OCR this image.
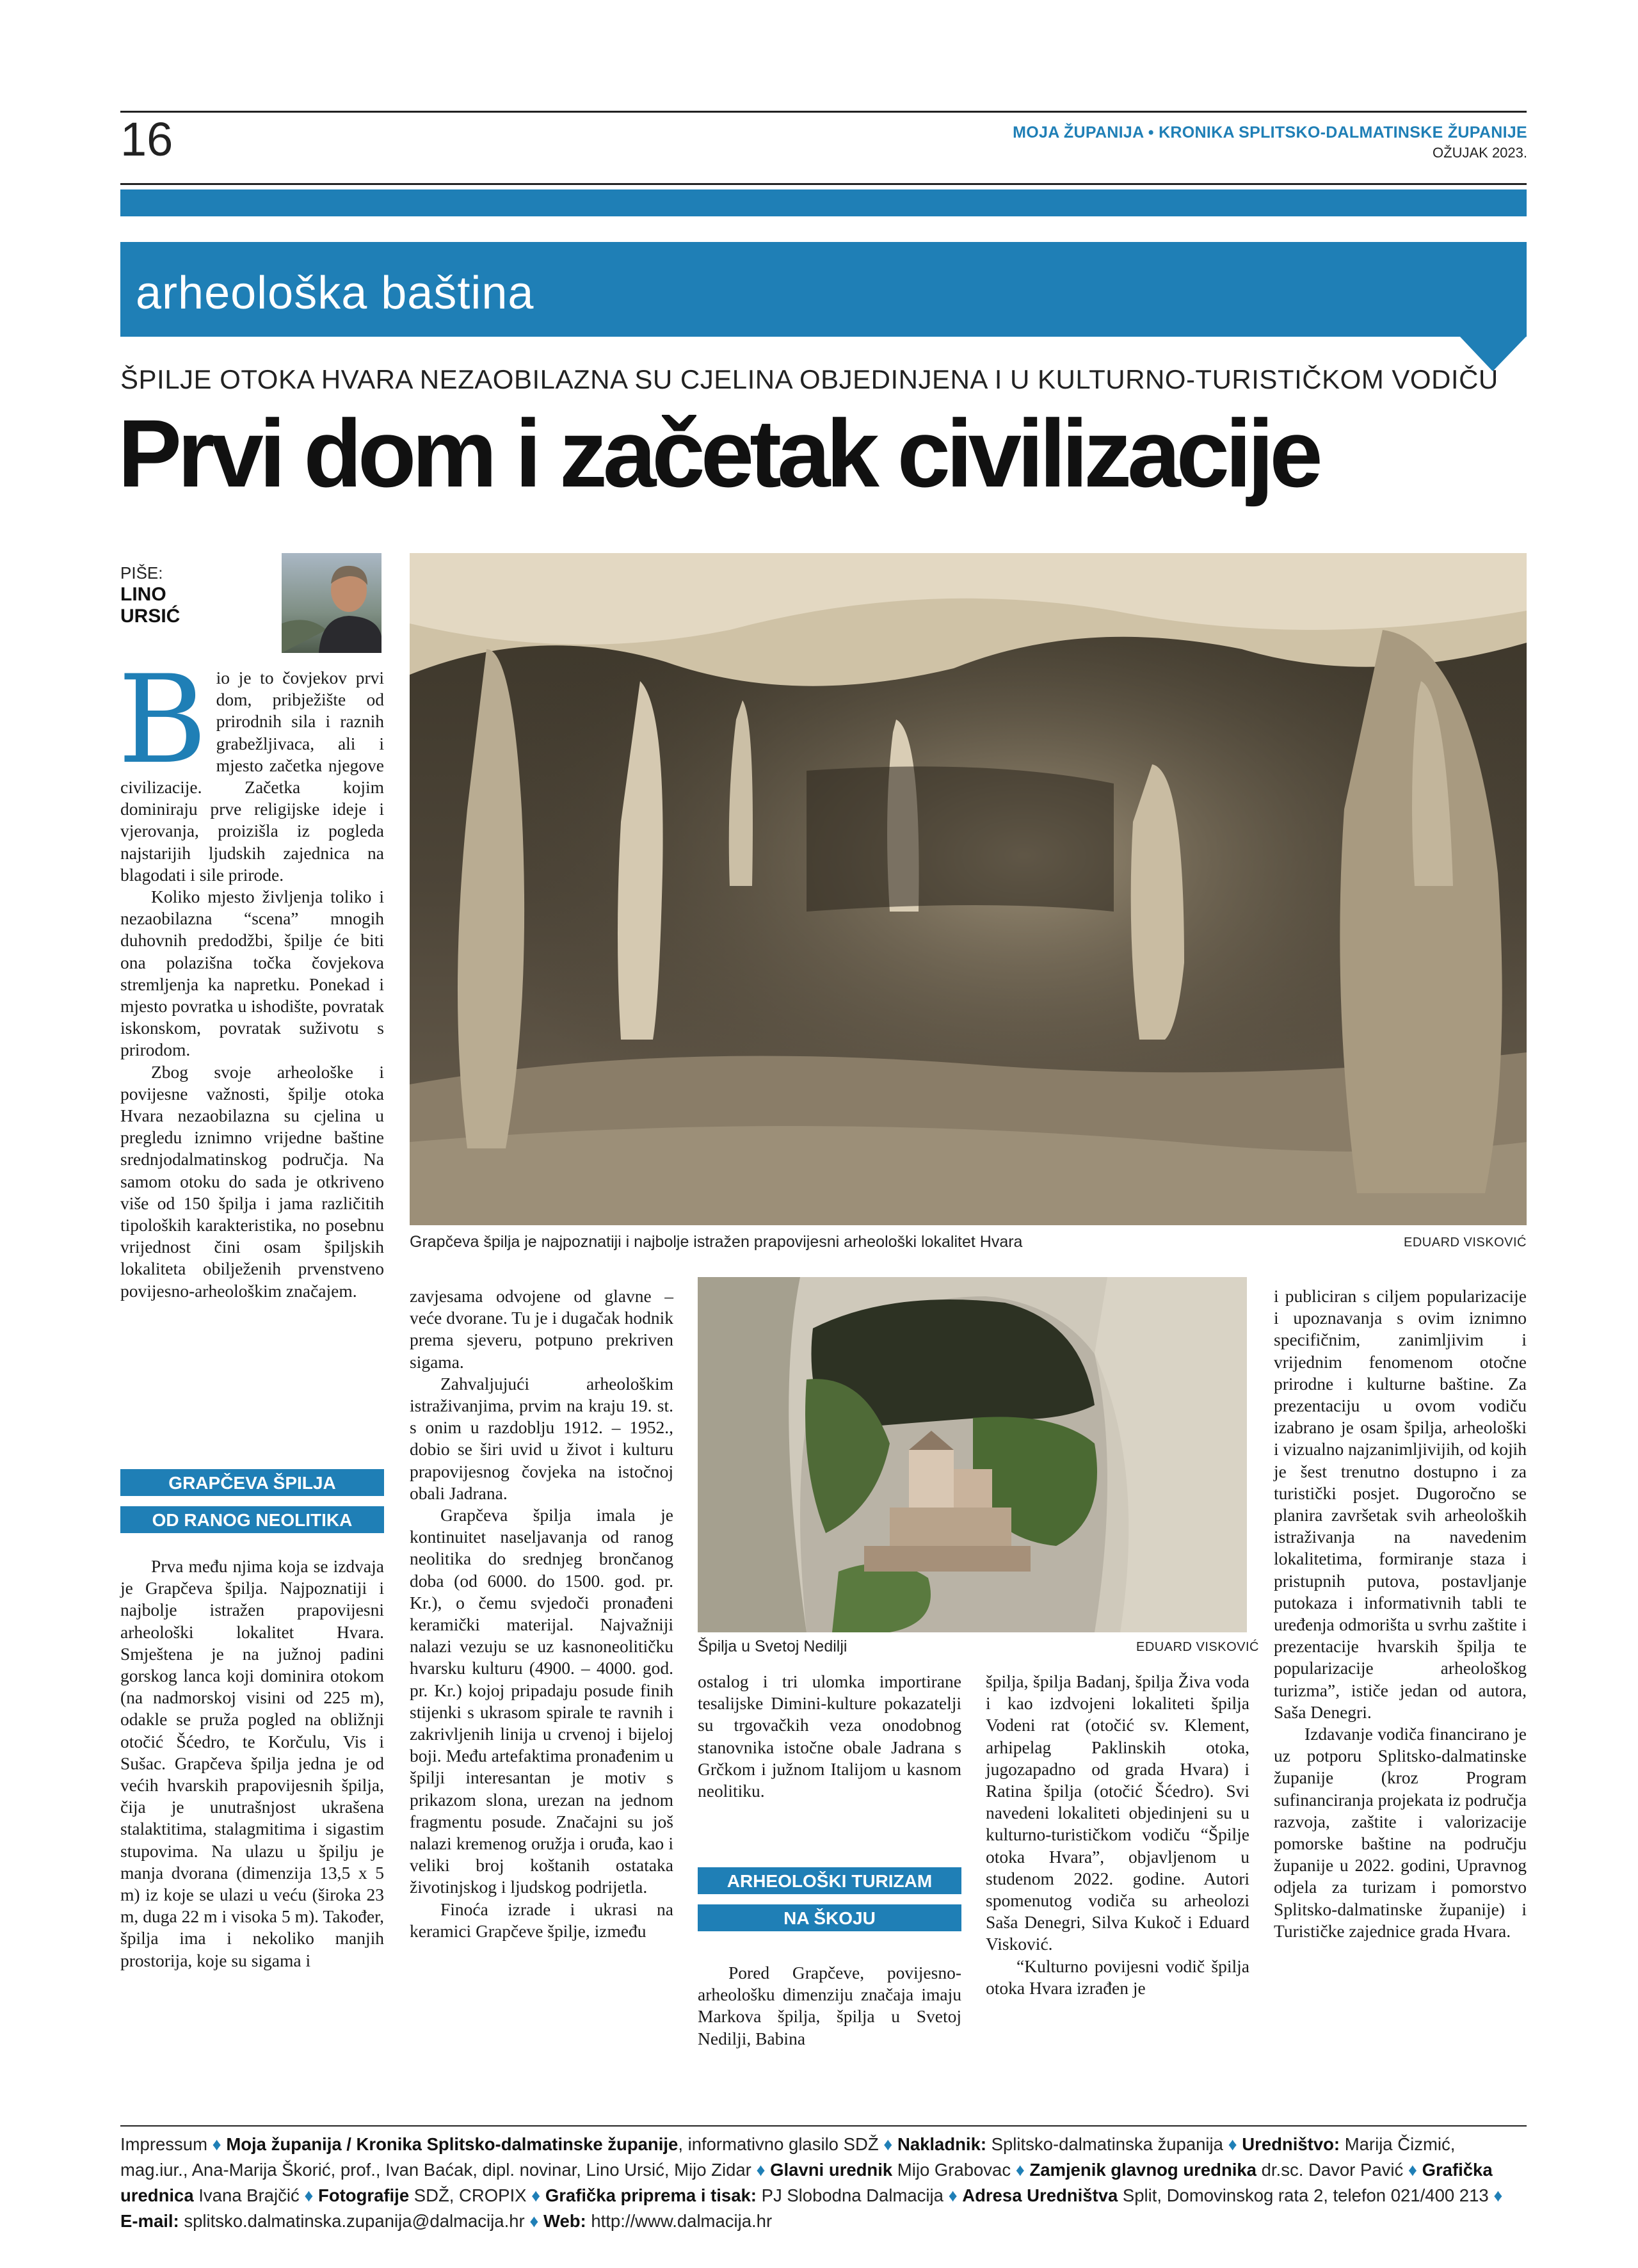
16	MOJA ŽUPANIJA • KRONIKA SPLITSKO-DALMATINSKE ŽUPANIJE
OŽUJAK 2023.
arheološka baština
ŠPILJE OTOKA HVARA NEZAOBILAZNA SU CJELINA OBJEDINJENA I U KULTURNO-TURISTIČKOM VODIČU
Prvi dom i začetak civilizacije
PIŠE:
LINO
URSIĆ
Grapčeva špilja je najpoznatiji i najbolje istražen prapovijesni arheološki lokalitet Hvara	EDUARD VISKOVIĆ
B io je to čovjekov prvi dom, pribježište od prirodnih sila i raznih grabežljivaca, ali i mjesto začetka njegove civilizacije. Začetka kojim dominiraju prve religijske ideje i vjerovanja, proizišla iz pogleda najstarijih ljudskih zajednica na blagodati i sile prirode.

Koliko mjesto življenja toliko i nezaobilazna “scena” mnogih duhovnih predodžbi, špilje će biti ona polazišna točka čovjekova stremljenja ka napretku. Ponekad i mjesto povratka u ishodište, povratak iskonskom, povratak suživotu s prirodom.

Zbog svoje arheološke i povijesne važnosti, špilje otoka Hvara nezaobilazna su cjelina u pregledu iznimno vrijedne baštine srednjodalmatinskog područja. Na samom otoku do sada je otkriveno više od 150 špilja i jama različitih tipoloških karakteristika, no posebnu vrijednost čini osam špiljskih lokaliteta obilježenih prvenstveno povijesno-arheološkim značajem.

GRAPČEVA ŠPILJA
OD RANOG NEOLITIKA

Prva među njima koja se izdvaja je Grapčeva špilja. Najpoznatiji i najbolje istražen prapovijesni arheološki lokalitet Hvara. Smještena je na južnoj padini gorskog lanca koji dominira otokom (na nadmorskoj visini od 225 m), odakle se pruža pogled na obližnji otočić Šćedro, te Korčulu, Vis i Sušac. Grapčeva špilja jedna je od većih hvarskih prapovijesnih špilja, čija je unutrašnjost ukrašena stalaktitima, stalagmitima i sigastim stupovima. Na ulazu u špilju je manja dvorana (dimenzija 13,5 x 5 m) iz koje se ulazi u veću (širok​a 23 m, duga 22 m i visoka 5 m). Također, špilja ima i nekoliko manjih prostorija, koje su sigama i

Špilja u Svetoj Nedilji	EDUARD VISKOVIĆ

zavjesama odvojene od glavne – veće dvorane. Tu je i dugačak hodnik prema sjeveru, potpuno prekriven sigama.

Zahvaljujući arheološkim istraživanjima, prvim na kraju 19. st. s onim u razdoblju 1912. – 1952., dobio se širi uvid u život i kulturu prapovijesnog čovjeka na istočnoj obali Jadrana.

Grapčeva špilja imala je kontinuitet naseljavanja od ranog neolitika do srednjeg brončanog doba (od 6000. do 1500. god. pr. Kr.), o čemu svjedoči pronađeni keramički materijal. Najvažniji nalazi vezuju se uz kasnoneolitičku hvarsku kulturu (4900. – 4000. god. pr. Kr.) kojoj pripadaju posude finih stijenki s ukrasom spirale te ravnih i zakrivljenih linija u crvenoj i bijeloj boji. Među artefaktima pronađenim u špilji interesantan je motiv s prikazom slona, urezan na jednom fragmentu posude. Značajni su još nalazi kremenog oružja i oruđa, kao i veliki broj koštanih ostataka životinjskog i ljudskog podrijetla.

Finoća izrade i ukrasi na keramici Grapčeve špilje, između

ostalog i tri ulomka importirane tesalijske Dimini-kulture pokazatelji su trgovačkih veza onodobnog stanovnika istočne obale Jadrana s Grčkom i južnom Italijom u kasnom neolitiku.

ARHEOLOŠKI TURIZAM
NA ŠKOJU

Pored Grapčeve, povijesno-arheološku dimenziju značaja imaju Markova špilja, špilja u Svetoj Nedilji, Babina

špilja, špilja Badanj, špilja Živa voda i kao izdvojeni lokaliteti špilja Vodeni rat (otočić sv. Klement, arhipelag Paklinskih otoka, jugozapadno od grada Hvara) i Ratina špilja (otočić Šćedro). Svi navedeni lokaliteti objedinjeni su u kulturno-turističkom vodiču “Špilje otoka Hvara”, objavljenom u studenom 2022. godine. Autori spomenutog vodiča su arheolozi Saša Denegri, Silva Kukoč i Eduard Visković.

“Kulturno povijesni vodič špilja otoka Hvara izrađen je

i publiciran s ciljem popularizacije i upoznavanja s ovim iznimno specifičnim, zanimljivim i vrijednim fenomenom otočne prirodne i kulturne baštine. Za prezentaciju u ovom vodiču izabrano je osam špilja, arheološki i vizualno najzanimljivijih, od kojih je šest trenutno dostupno i za turistički posjet. Dugoročno se planira završetak svih arheoloških istraživanja na navedenim lokalitetima, formiranje staza i pristupnih putova, postavljanje putokaza i informativnih tabli te uređenja odmorišta u svrhu zaštite i prezentacije hvarskih špilja te popularizacije arheološkog turizma”, ističe jedan od autora, Saša Denegri.

Izdavanje vodiča financirano je uz potporu Splitsko-dalmatinske županije (kroz Program sufinanciranja projekata iz područja razvoja, zaštite i valorizacije pomorske baštine na području županije u 2022. godini, Upravnog odjela za turizam i pomorstvo Splitsko-dalmatinske županije) i Turističke zajednice grada Hvara.

Impressum ♦ Moja županija / Kronika Splitsko-dalmatinske županije, informativno glasilo SDŽ ♦ Nakladnik: Splitsko-dalmatinska županija ♦ Uredništvo: Marija Čizmić,
mag.iur., Ana-Marija Škorić, prof., Ivan Baćak, dipl. novinar, Lino Ursić, Mijo Zidar ♦ Glavni urednik Mijo Grabovac ♦ Zamjenik glavnog urednika dr.sc. Davor Pavić ♦ Grafička
urednica Ivana Brajčić ♦ Fotografije SDŽ, CROPIX ♦ Grafička priprema i tisak: PJ Slobodna Dalmacija ♦ Adresa Uredništva Split, Domovinskog rata 2, telefon 021/400 213 ♦
E-mail: splitsko.dalmatinska.zupanija@dalmacija.hr ♦ Web: http://www.dalmacija.hr
